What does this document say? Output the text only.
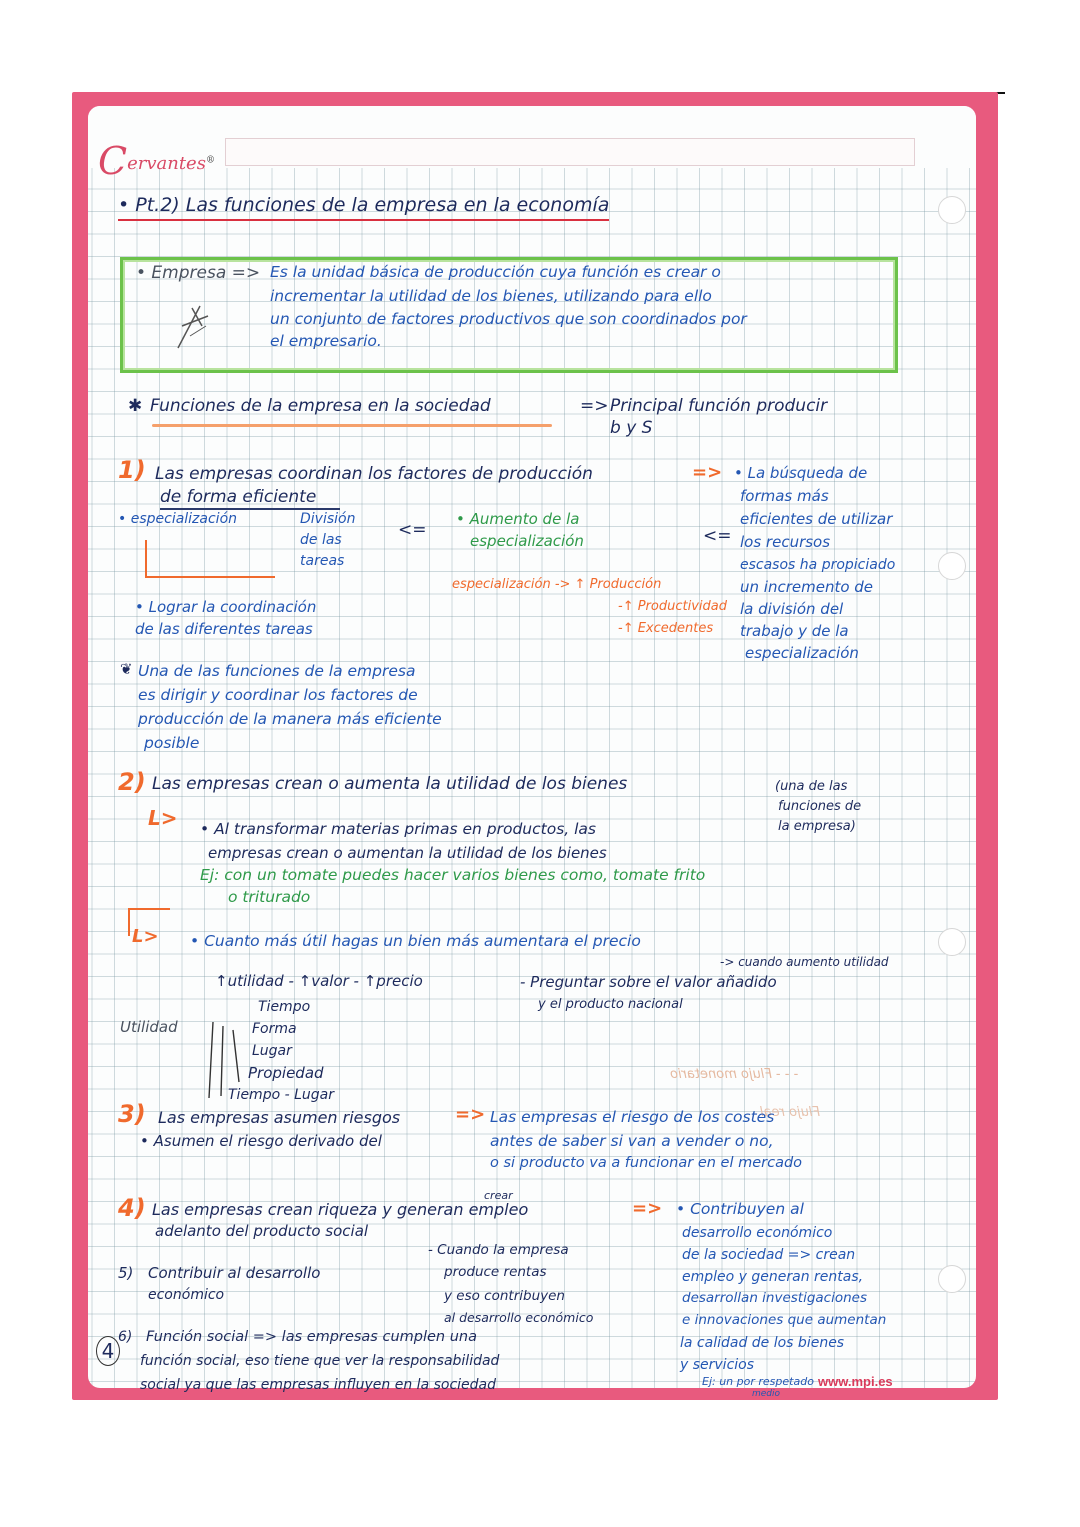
Cervantes®
• Pt.2) Las funciones de la empresa en la economía
• Empresa => Es la unidad básica de producción cuya función es crear o
incrementar la utilidad de los bienes, utilizando para ello
un conjunto de factores productivos que son coordinados por
el empresario.
✱ Funciones de la empresa en la sociedad	=> Principal función producir
b y S
1) Las empresas coordinan los factores de producción	=>
de forma eficiente
• especialización	División
de las
tareas
<=
• Aumento de la
especialización	<=
• La búsqueda de
formas más
eficientes de utilizar
los recursos
escasos ha propiciado
un incremento de
la división del
trabajo y de la
especialización
especialización -> ↑ Producción
-↑ Productividad
-↑ Excedentes
• Lograr la coordinación
de las diferentes tareas
❦ Una de las funciones de la empresa
es dirigir y coordinar los factores de
producción de la manera más eficiente
posible
2) Las empresas crean o aumenta la utilidad de los bienes	(una de las
funciones de
la empresa)
L> • Al transformar materias primas en productos, las
empresas crean o aumentan la utilidad de los bienes
Ej: con un tomate puedes hacer varios bienes como, tomate frito
o triturado
L> • Cuanto más útil hagas un bien más aumentara el precio
↑utilidad - ↑valor - ↑precio	- Preguntar sobre el valor añadido
y el producto nacional
-> cuando aumento utilidad
Utilidad
Tiempo
Forma
Lugar
Propiedad
Tiempo - Lugar
- - - Flujo monetario
Flujo real
3) Las empresas asumen riesgos	=>
• Asumen el riesgo derivado del
Las empresas el riesgo de los costes
antes de saber si van a vender o no,
o si producto va a funcionar en el mercado
crear
4) Las empresas crean riqueza y generan empleo	=>
adelanto del producto social
• Contribuyen al
desarrollo económico
de la sociedad => crean
empleo y generan rentas,
desarrollan investigaciones
e innovaciones que aumentan
la calidad de los bienes
y servicios
Ej: un por respetado
medio
5) Contribuir al desarrollo
económico
- Cuando la empresa
produce rentas
y eso contribuyen
al desarrollo económico
4
6) Función social => las empresas cumplen una
función social, eso tiene que ver la responsabilidad
social ya que las empresas influyen en la sociedad	www.mpi.es
